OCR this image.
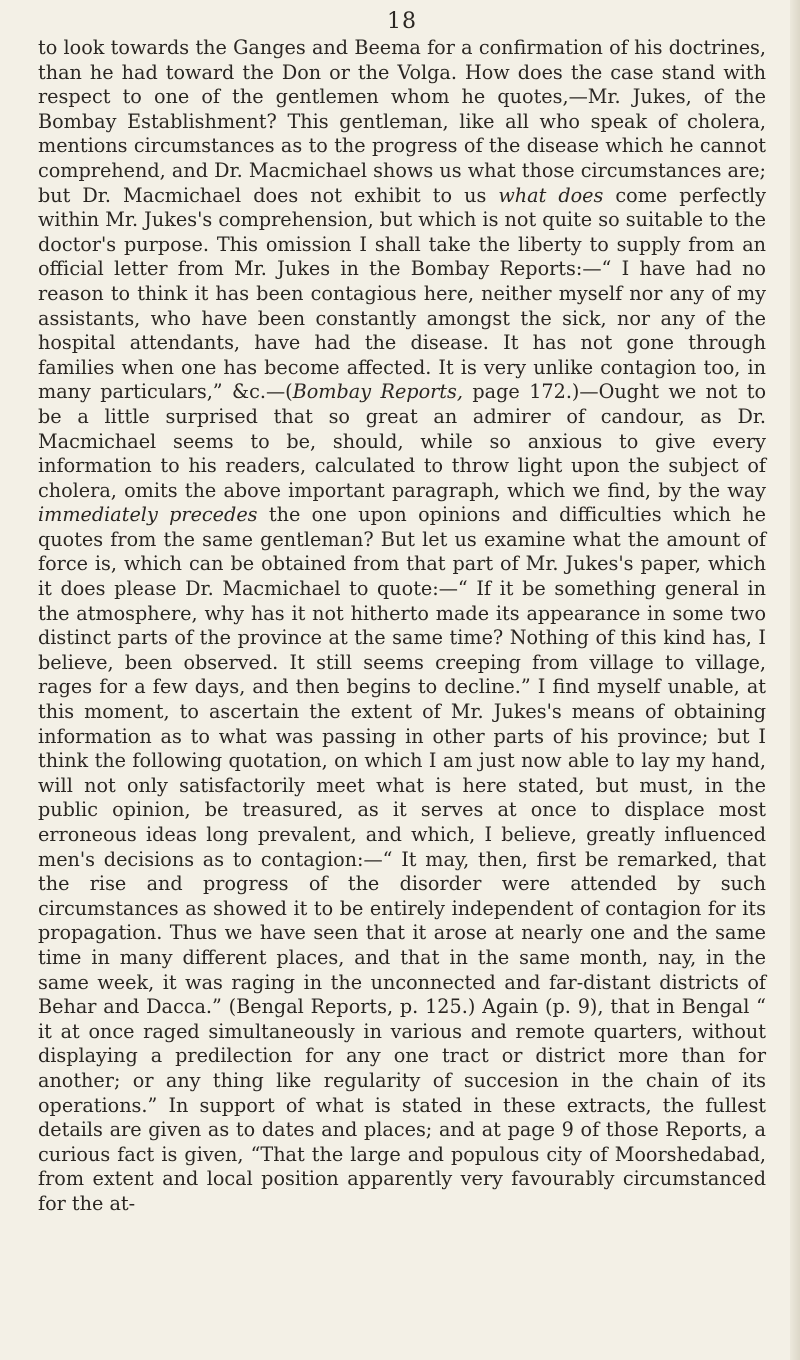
18

to look towards the Ganges and Beema for a confirmation of his doctrines, than he had toward the Don or the Volga. How does the case stand with respect to one of the gentlemen whom he quotes,—Mr. Jukes, of the Bombay Establishment? This gentleman, like all who speak of cholera, mentions circumstances as to the progress of the disease which he cannot comprehend, and Dr. Macmichael shows us what those circumstances are; but Dr. Macmichael does not exhibit to us what does come perfectly within Mr. Jukes's comprehension, but which is not quite so suitable to the doctor's purpose. This omission I shall take the liberty to supply from an official letter from Mr. Jukes in the Bombay Reports:—“ I have had no reason to think it has been contagious here, neither myself nor any of my assistants, who have been constantly amongst the sick, nor any of the hospital attendants, have had the disease. It has not gone through families when one has become affected. It is very unlike contagion too, in many particulars,” &c.—(Bombay Reports, page 172.)—Ought we not to be a little surprised that so great an admirer of candour, as Dr. Macmichael seems to be, should, while so anxious to give every information to his readers, calculated to throw light upon the subject of cholera, omits the above important paragraph, which we find, by the way immediately precedes the one upon opinions and difficulties which he quotes from the same gentleman? But let us examine what the amount of force is, which can be obtained from that part of Mr. Jukes's paper, which it does please Dr. Macmichael to quote:—“ If it be something general in the atmosphere, why has it not hitherto made its appearance in some two distinct parts of the province at the same time? Nothing of this kind has, I believe, been observed. It still seems creeping from village to village, rages for a few days, and then begins to decline.” I find myself unable, at this moment, to ascertain the extent of Mr. Jukes's means of obtaining information as to what was passing in other parts of his province; but I think the following quotation, on which I am just now able to lay my hand, will not only satisfactorily meet what is here stated, but must, in the public opinion, be treasured, as it serves at once to displace most erroneous ideas long prevalent, and which, I believe, greatly influenced men's decisions as to contagion:—“ It may, then, first be remarked, that the rise and progress of the disorder were attended by such circumstances as showed it to be entirely independent of contagion for its propagation. Thus we have seen that it arose at nearly one and the same time in many different places, and that in the same month, nay, in the same week, it was raging in the unconnected and far-distant districts of Behar and Dacca.” (Bengal Reports, p. 125.) Again (p. 9), that in Bengal “ it at once raged simultaneously in various and remote quarters, without displaying a predilection for any one tract or district more than for another; or any thing like regularity of succesion in the chain of its operations.” In support of what is stated in these extracts, the fullest details are given as to dates and places; and at page 9 of those Reports, a curious fact is given, “That the large and populous city of Moorshedabad, from extent and local position apparently very favourably circumstanced for the at-
